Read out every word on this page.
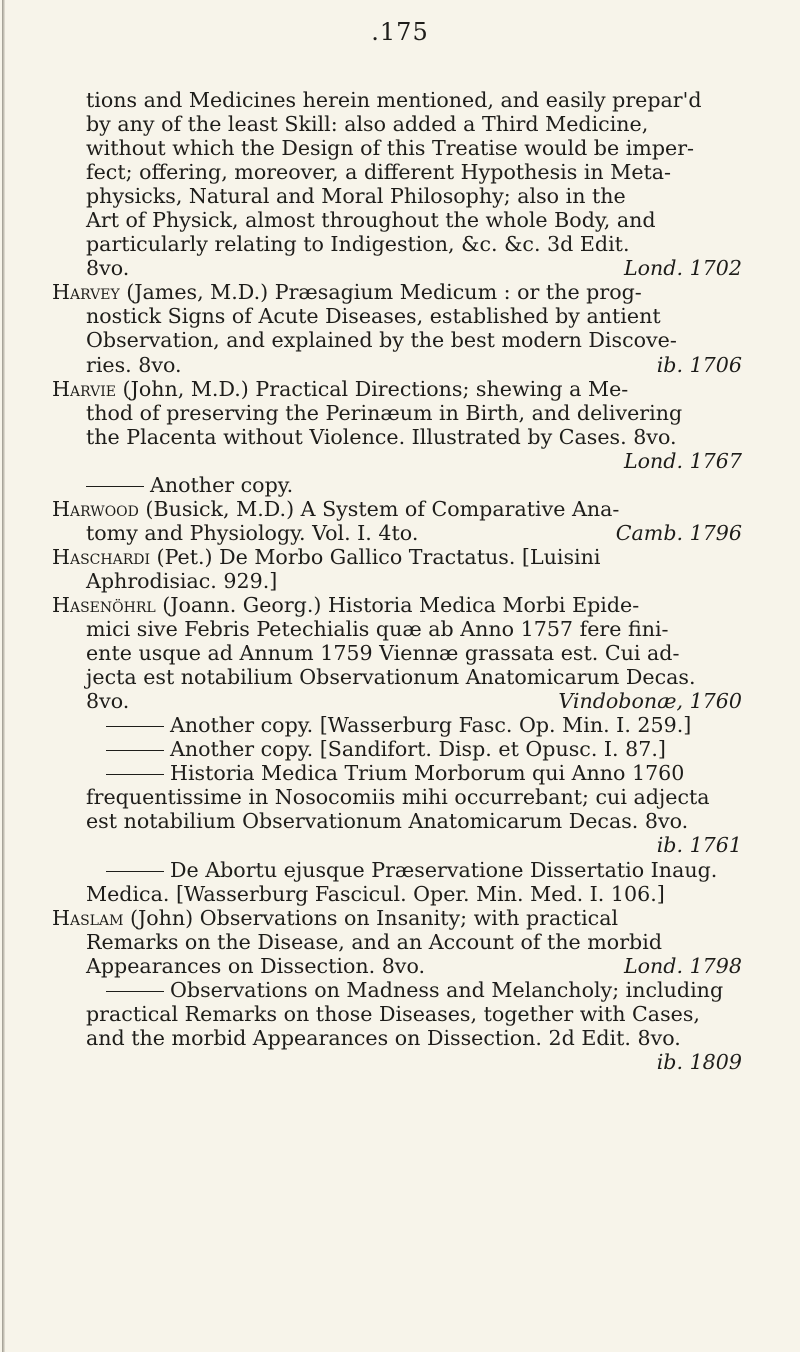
.175
tions and Medicines herein mentioned, and easily prepar'd
by any of the least Skill: also added a Third Medicine,
without which the Design of this Treatise would be imper-
fect; offering, moreover, a different Hypothesis in Meta-
physicks, Natural and Moral Philosophy; also in the
Art of Physick, almost throughout the whole Body, and
particularly relating to Indigestion, &c. &c. 3d Edit.
8vo.	Lond. 1702
Harvey (James, M.D.) Præsagium Medicum : or the prog-
nostick Signs of Acute Diseases, established by antient
Observation, and explained by the best modern Discove-
ries. 8vo.	ib. 1706
Harvie (John, M.D.) Practical Directions; shewing a Me-
thod of preserving the Perinæum in Birth, and delivering
the Placenta without Violence. Illustrated by Cases. 8vo.
Lond. 1767
Another copy.
Harwood (Busick, M.D.) A System of Comparative Ana-
tomy and Physiology. Vol. I. 4to.	Camb. 1796
Haschardi (Pet.) De Morbo Gallico Tractatus. [Luisini
Aphrodisiac. 929.]
Hasenöhrl (Joann. Georg.) Historia Medica Morbi Epide-
mici sive Febris Petechialis quæ ab Anno 1757 fere fini-
ente usque ad Annum 1759 Viennæ grassata est. Cui ad-
jecta est notabilium Observationum Anatomicarum Decas.
8vo.	Vindobonæ, 1760
Another copy. [Wasserburg Fasc. Op. Min. I. 259.]
Another copy. [Sandifort. Disp. et Opusc. I. 87.]
Historia Medica Trium Morborum qui Anno 1760
frequentissime in Nosocomiis mihi occurrebant; cui adjecta
est notabilium Observationum Anatomicarum Decas. 8vo.
ib. 1761
De Abortu ejusque Præservatione Dissertatio Inaug.
Medica. [Wasserburg Fascicul. Oper. Min. Med. I. 106.]
Haslam (John) Observations on Insanity; with practical
Remarks on the Disease, and an Account of the morbid
Appearances on Dissection. 8vo.	Lond. 1798
Observations on Madness and Melancholy; including
practical Remarks on those Diseases, together with Cases,
and the morbid Appearances on Dissection. 2d Edit. 8vo.
ib. 1809
